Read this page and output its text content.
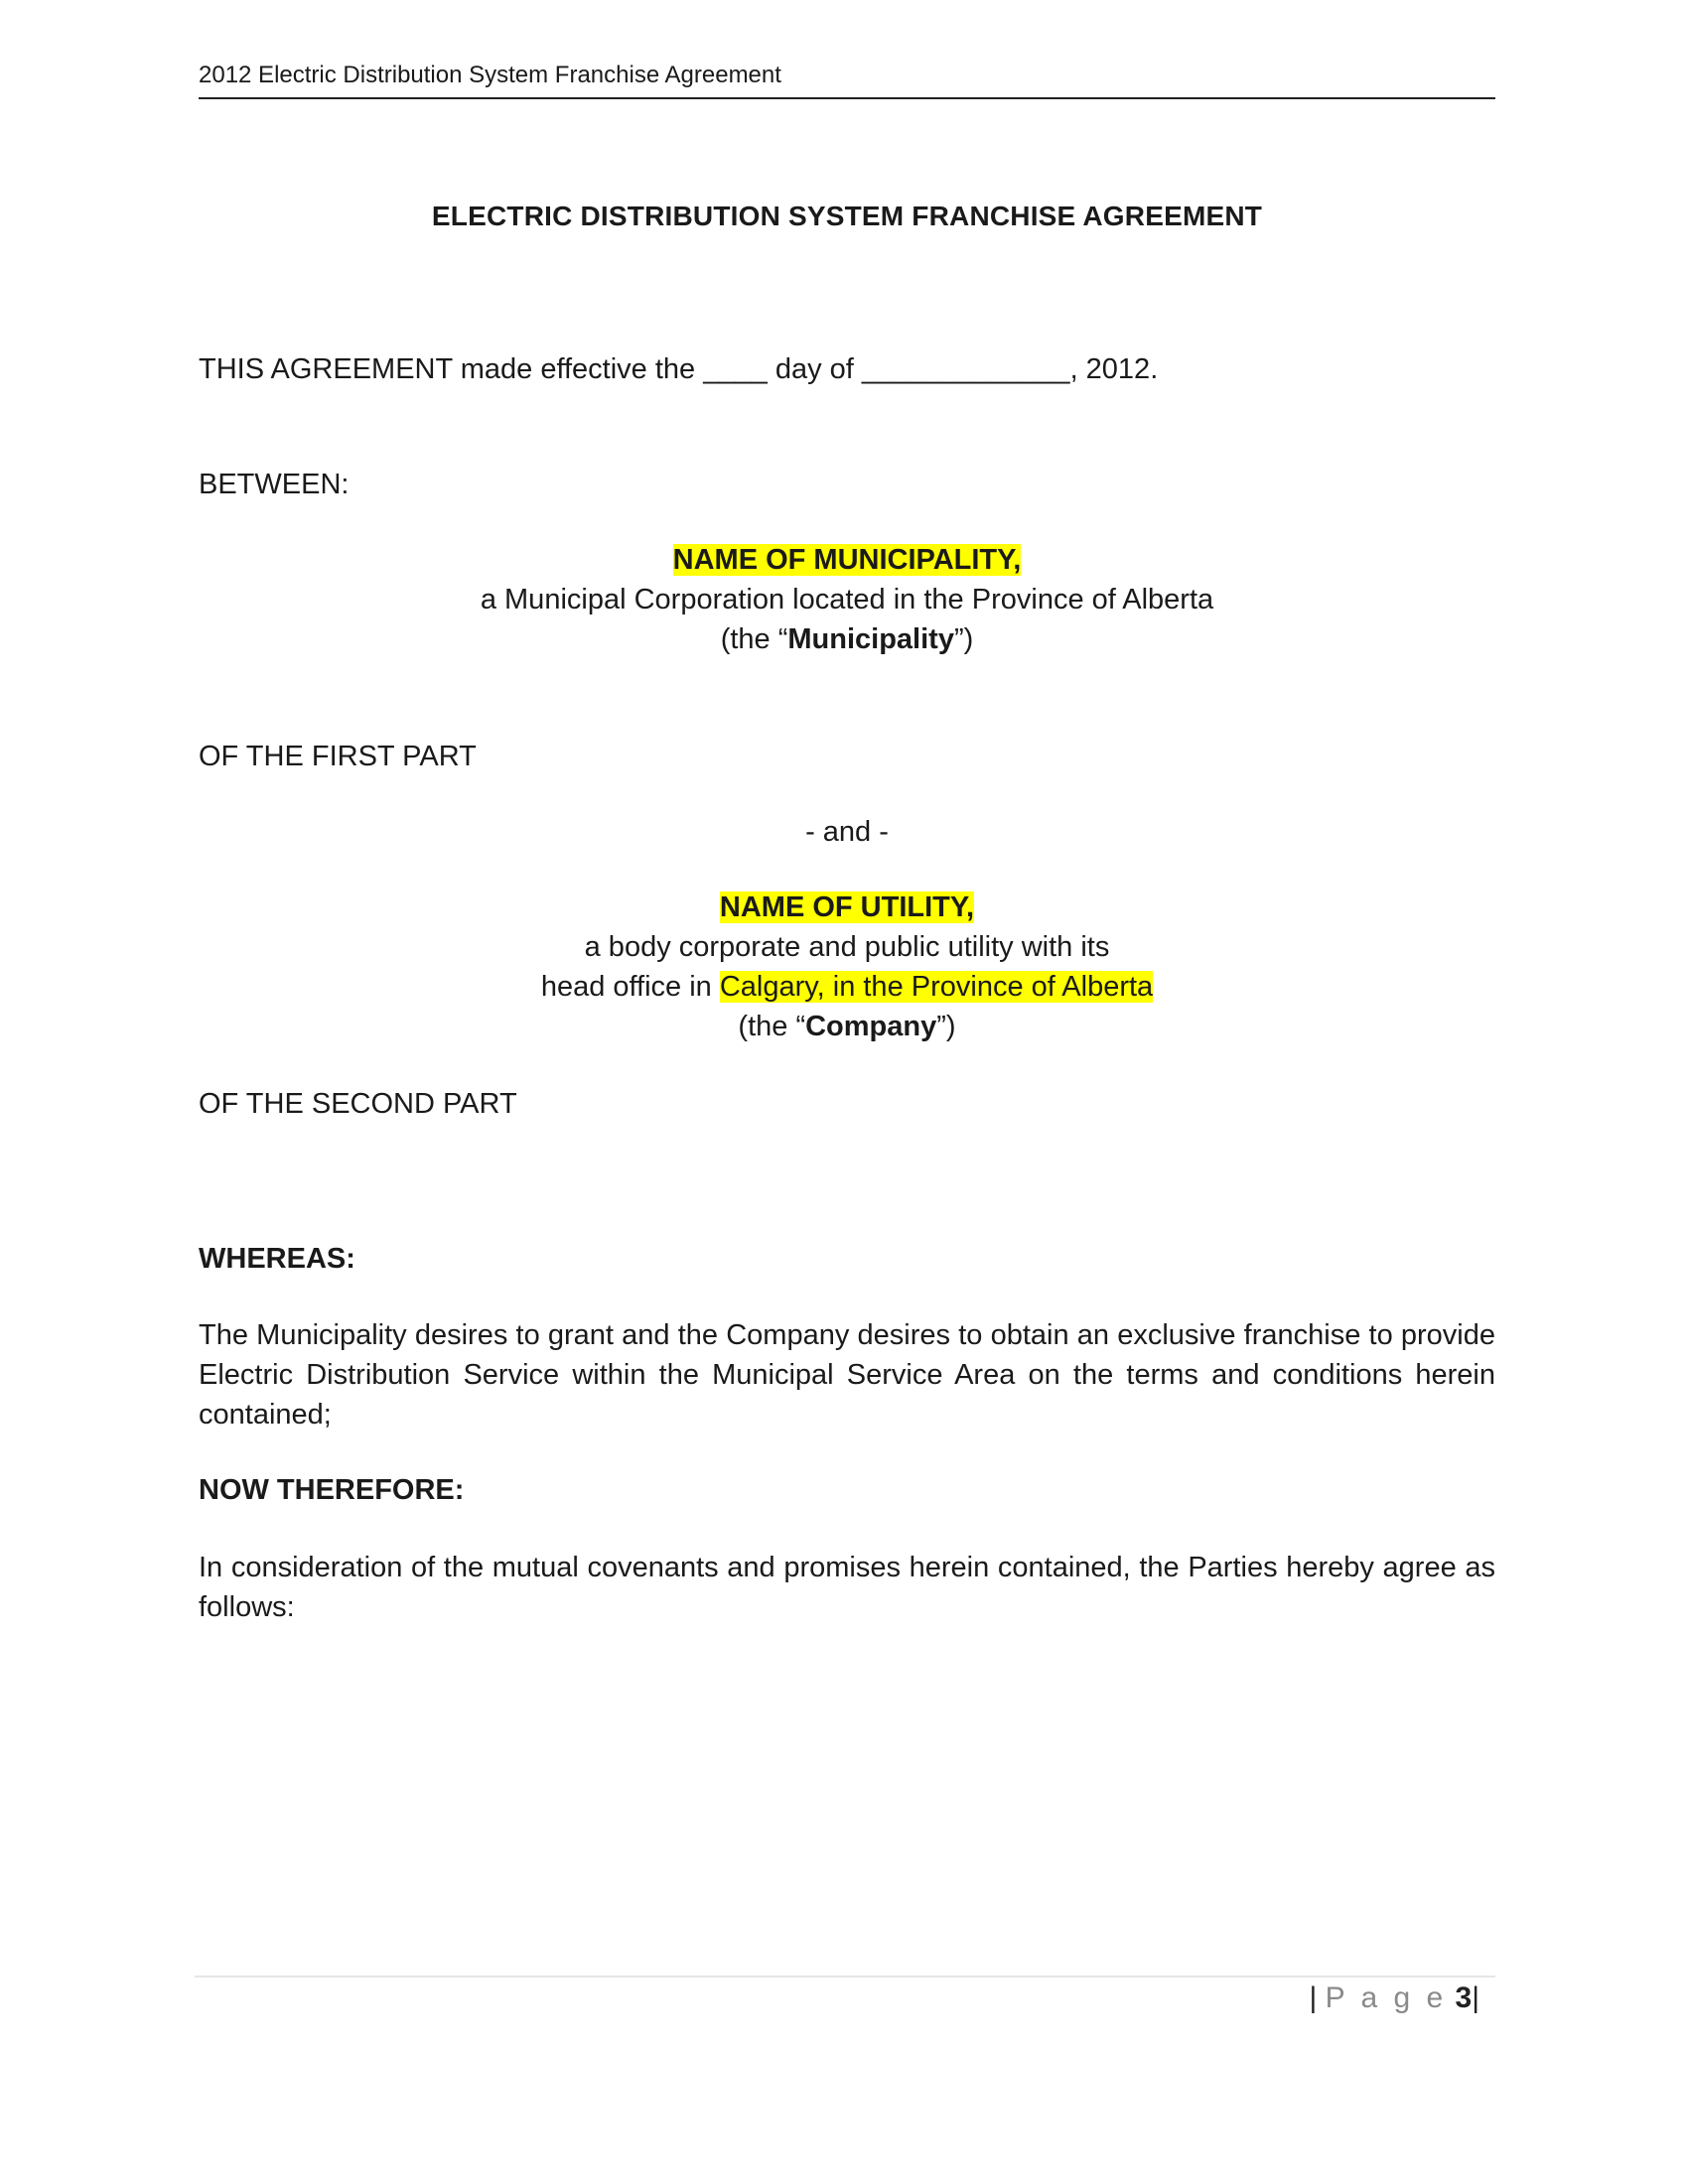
2012 Electric Distribution System Franchise Agreement
ELECTRIC DISTRIBUTION SYSTEM FRANCHISE AGREEMENT
THIS AGREEMENT made effective the ____ day of _____________, 2012.
BETWEEN:
NAME OF MUNICIPALITY,
a Municipal Corporation located in the Province of Alberta
(the “Municipality”)
OF THE FIRST PART
- and -
NAME OF UTILITY,
a body corporate and public utility with its
head office in Calgary, in the Province of Alberta
(the “Company”)
OF THE SECOND PART
WHEREAS:
The Municipality desires to grant and the Company desires to obtain an exclusive franchise to provide Electric Distribution Service within the Municipal Service Area on the terms and conditions herein contained;
NOW THEREFORE:
In consideration of the mutual covenants and promises herein contained, the Parties hereby agree as follows:
| P a g e 3|
